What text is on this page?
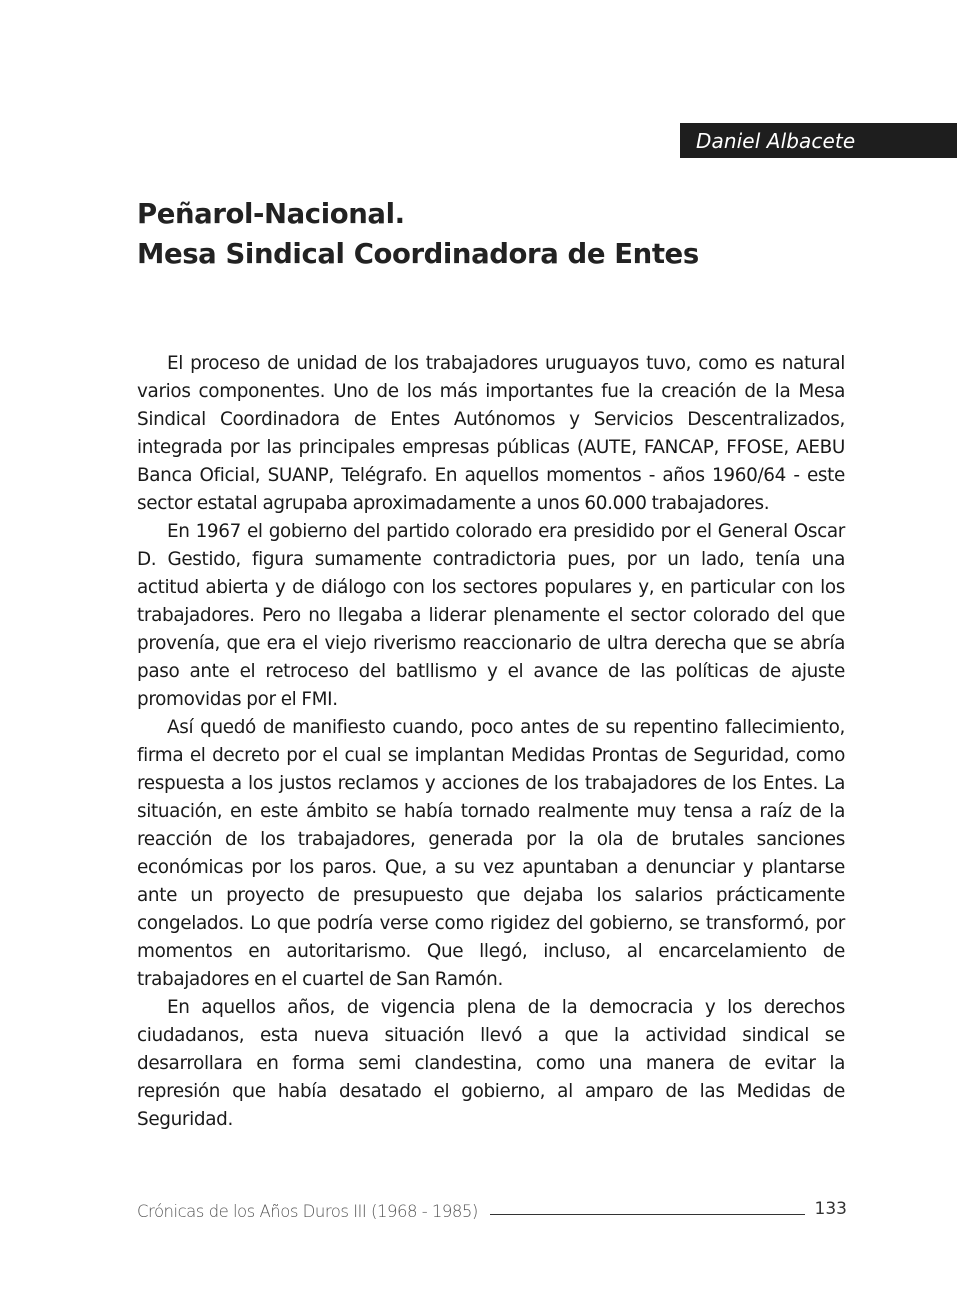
Daniel Albacete
Peñarol-Nacional.
Mesa Sindical Coordinadora de Entes

El proceso de unidad de los trabajadores uruguayos tuvo, como es natural varios componentes. Uno de los más importantes fue la creación de la Mesa Sindical Coordinadora de Entes Autónomos y Servicios Descentralizados, integrada por las principales empresas públicas (AUTE, FANCAP, FFOSE, AEBU Banca Oficial, SUANP, Telégrafo. En aquellos momentos - años 1960/64 - este sector estatal agrupaba aproximadamente a unos 60.000 trabajadores.

En 1967 el gobierno del partido colorado era presidido por el General Oscar D. Gestido, figura sumamente contradictoria pues, por un lado, tenía una actitud abierta y de diálogo con los sectores populares y, en particular con los trabajadores. Pero no llegaba a liderar plenamente el sector colorado del que provenía, que era el viejo riverismo reaccionario de ultra derecha que se abría paso ante el retroceso del batllismo y el avance de las políticas de ajuste promovidas por el FMI.

Así quedó de manifiesto cuando, poco antes de su repentino fallecimiento, firma el decreto por el cual se implantan Medidas Prontas de Seguridad, como respuesta a los justos reclamos y acciones de los trabajadores de los Entes. La situación, en este ámbito se había tornado realmente muy tensa a raíz de la reacción de los trabajadores, generada por la ola de brutales sanciones económicas por los paros. Que, a su vez apuntaban a denunciar y plantarse ante un proyecto de presupuesto que dejaba los salarios prácticamente congelados. Lo que podría verse como rigidez del gobierno, se transformó, por momentos en autoritarismo. Que llegó, incluso, al encarcelamiento de trabajadores en el cuartel de San Ramón.

En aquellos años, de vigencia plena de la democracia y los derechos ciudadanos, esta nueva situación llevó a que la actividad sindical se desarrollara en forma semi clandestina, como una manera de evitar la represión que había desatado el gobierno, al amparo de las Medidas de Seguridad.

Crónicas de los Años Duros III (1968 - 1985)	133
